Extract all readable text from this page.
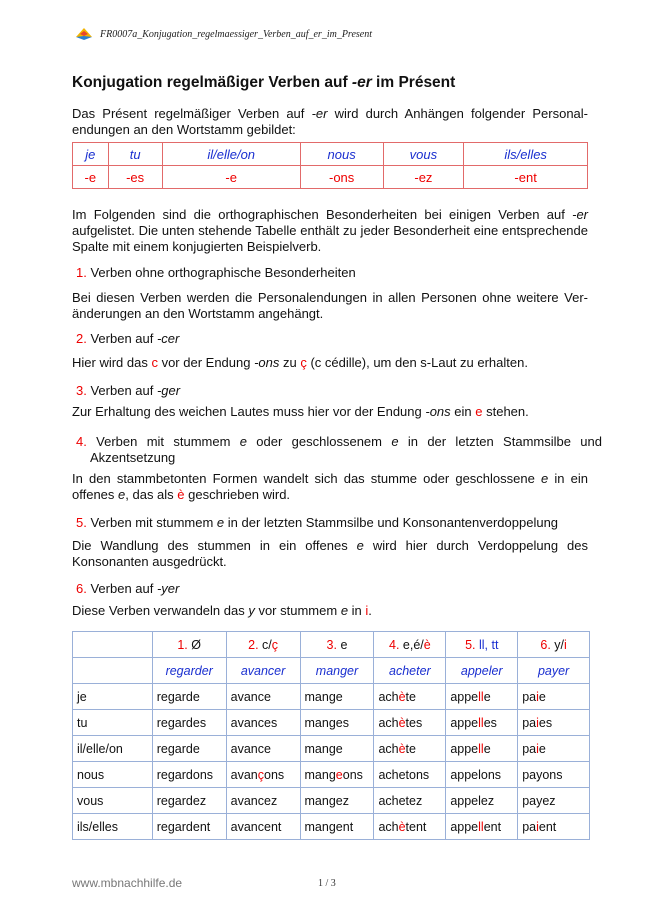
FR0007a_Konjugation_regelmaessiger_Verben_auf_er_im_Present
Konjugation regelmäßiger Verben auf -er im Présent

Das Présent regelmäßiger Verben auf -er wird durch Anhängen folgender Personal-endungen an den Wortstamm gebildet:

je	tu	il/elle/on	nous	vous	ils/elles
-e	-es	-e	-ons	-ez	-ent

Im Folgenden sind die orthographischen Besonderheiten bei einigen Verben auf -er aufgelistet. Die unten stehende Tabelle enthält zu jeder Besonderheit eine entsprechende Spalte mit einem konjugierten Beispielverb.

1. Verben ohne orthographische Besonderheiten

Bei diesen Verben werden die Personalendungen in allen Personen ohne weitere Ver-änderungen an den Wortstamm angehängt.

2. Verben auf -cer

Hier wird das c vor der Endung -ons zu ç (c cédille), um den s-Laut zu erhalten.

3. Verben auf -ger

Zur Erhaltung des weichen Lautes muss hier vor der Endung -ons ein e stehen.

4. Verben mit stummem e oder geschlossenem e in der letzten Stammsilbe und Akzentsetzung

In den stammbetonten Formen wandelt sich das stumme oder geschlossene e in ein offenes e, das als è geschrieben wird.

5. Verben mit stummem e in der letzten Stammsilbe und Konsonantenverdoppelung

Die Wandlung des stummen in ein offenes e wird hier durch Verdoppelung des Konsonanten ausgedrückt.

6. Verben auf -yer

Diese Verben verwandeln das y vor stummem e in i.

	1. Ø	2. c/ç	3. e	4. e,é/è	5. ll, tt	6. y/i
	regarder	avancer	manger	acheter	appeler	payer
je	regarde	avance	mange	achète	appelle	paie
tu	regardes	avances	manges	achètes	appelles	paies
il/elle/on	regarde	avance	mange	achète	appelle	paie
nous	regardons	avançons	mangeons	achetons	appelons	payons
vous	regardez	avancez	mangez	achetez	appelez	payez
ils/elles	regardent	avancent	mangent	achètent	appellent	paient
www.mbnachhilfe.de	1 / 3
